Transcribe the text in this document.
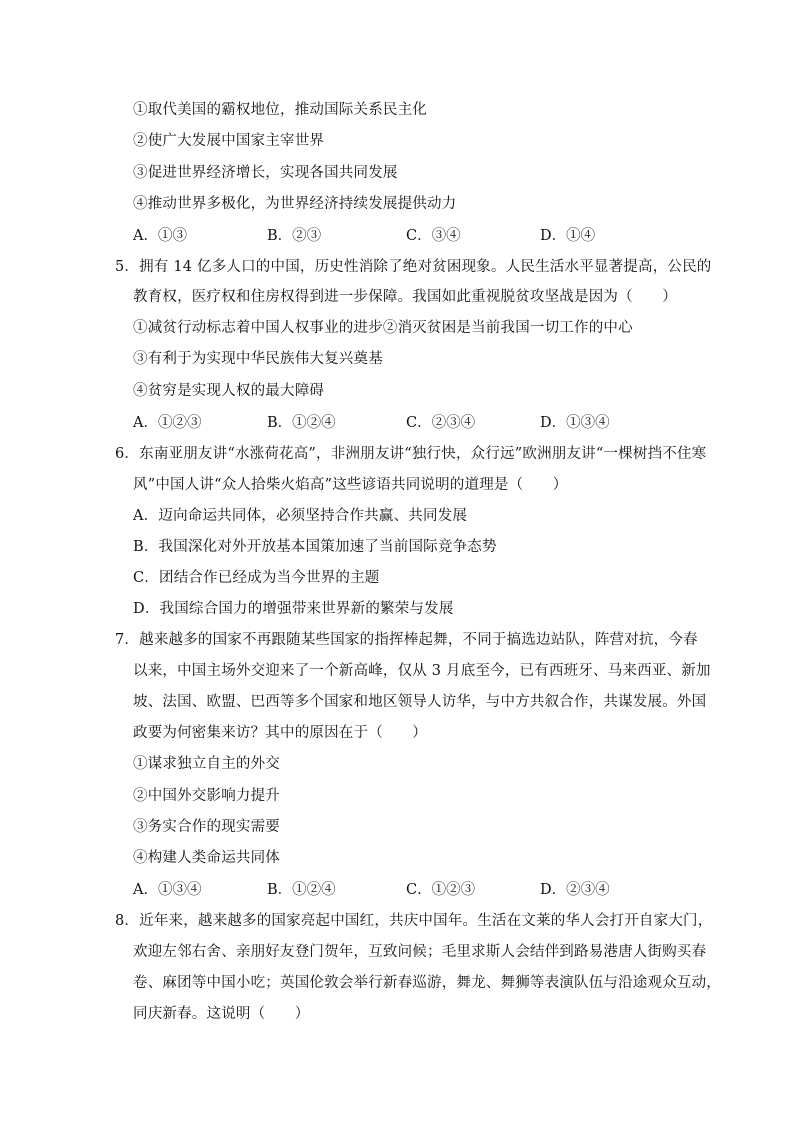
①取代美国的霸权地位，推动国际关系民主化
②使广大发展中国家主宰世界
③促进世界经济增长，实现各国共同发展
④推动世界多极化，为世界经济持续发展提供动力
A．①③	B．②③	C．③④	D．①④
5．拥有 14 亿多人口的中国，历史性消除了绝对贫困现象。人民生活水平显著提高，公民的
教育权，医疗权和住房权得到进一步保障。我国如此重视脱贫攻坚战是因为（　　）
①减贫行动标志着中国人权事业的进步②消灭贫困是当前我国一切工作的中心
③有利于为实现中华民族伟大复兴奠基
④贫穷是实现人权的最大障碍
A．①②③	B．①②④	C．②③④	D．①③④
6．东南亚朋友讲“水涨荷花高”，非洲朋友讲“独行快，众行远”欧洲朋友讲“一棵树挡不住寒
风”中国人讲“众人拾柴火焰高”这些谚语共同说明的道理是（　　）
A．迈向命运共同体，必须坚持合作共赢、共同发展
B．我国深化对外开放基本国策加速了当前国际竞争态势
C．团结合作已经成为当今世界的主题
D．我国综合国力的增强带来世界新的繁荣与发展
7．越来越多的国家不再跟随某些国家的指挥棒起舞，不同于搞选边站队，阵营对抗，今春
以来，中国主场外交迎来了一个新高峰，仅从 3 月底至今，已有西班牙、马来西亚、新加
坡、法国、欧盟、巴西等多个国家和地区领导人访华，与中方共叙合作，共谋发展。外国
政要为何密集来访？其中的原因在于（　　）
①谋求独立自主的外交
②中国外交影响力提升
③务实合作的现实需要
④构建人类命运共同体
A．①③④	B．①②④	C．①②③	D．②③④
8．近年来，越来越多的国家亮起中国红，共庆中国年。生活在文莱的华人会打开自家大门，
欢迎左邻右舍、亲朋好友登门贺年，互致问候；毛里求斯人会结伴到路易港唐人街购买春
卷、麻团等中国小吃；英国伦敦会举行新春巡游，舞龙、舞狮等表演队伍与沿途观众互动，
同庆新春。这说明（　　）
